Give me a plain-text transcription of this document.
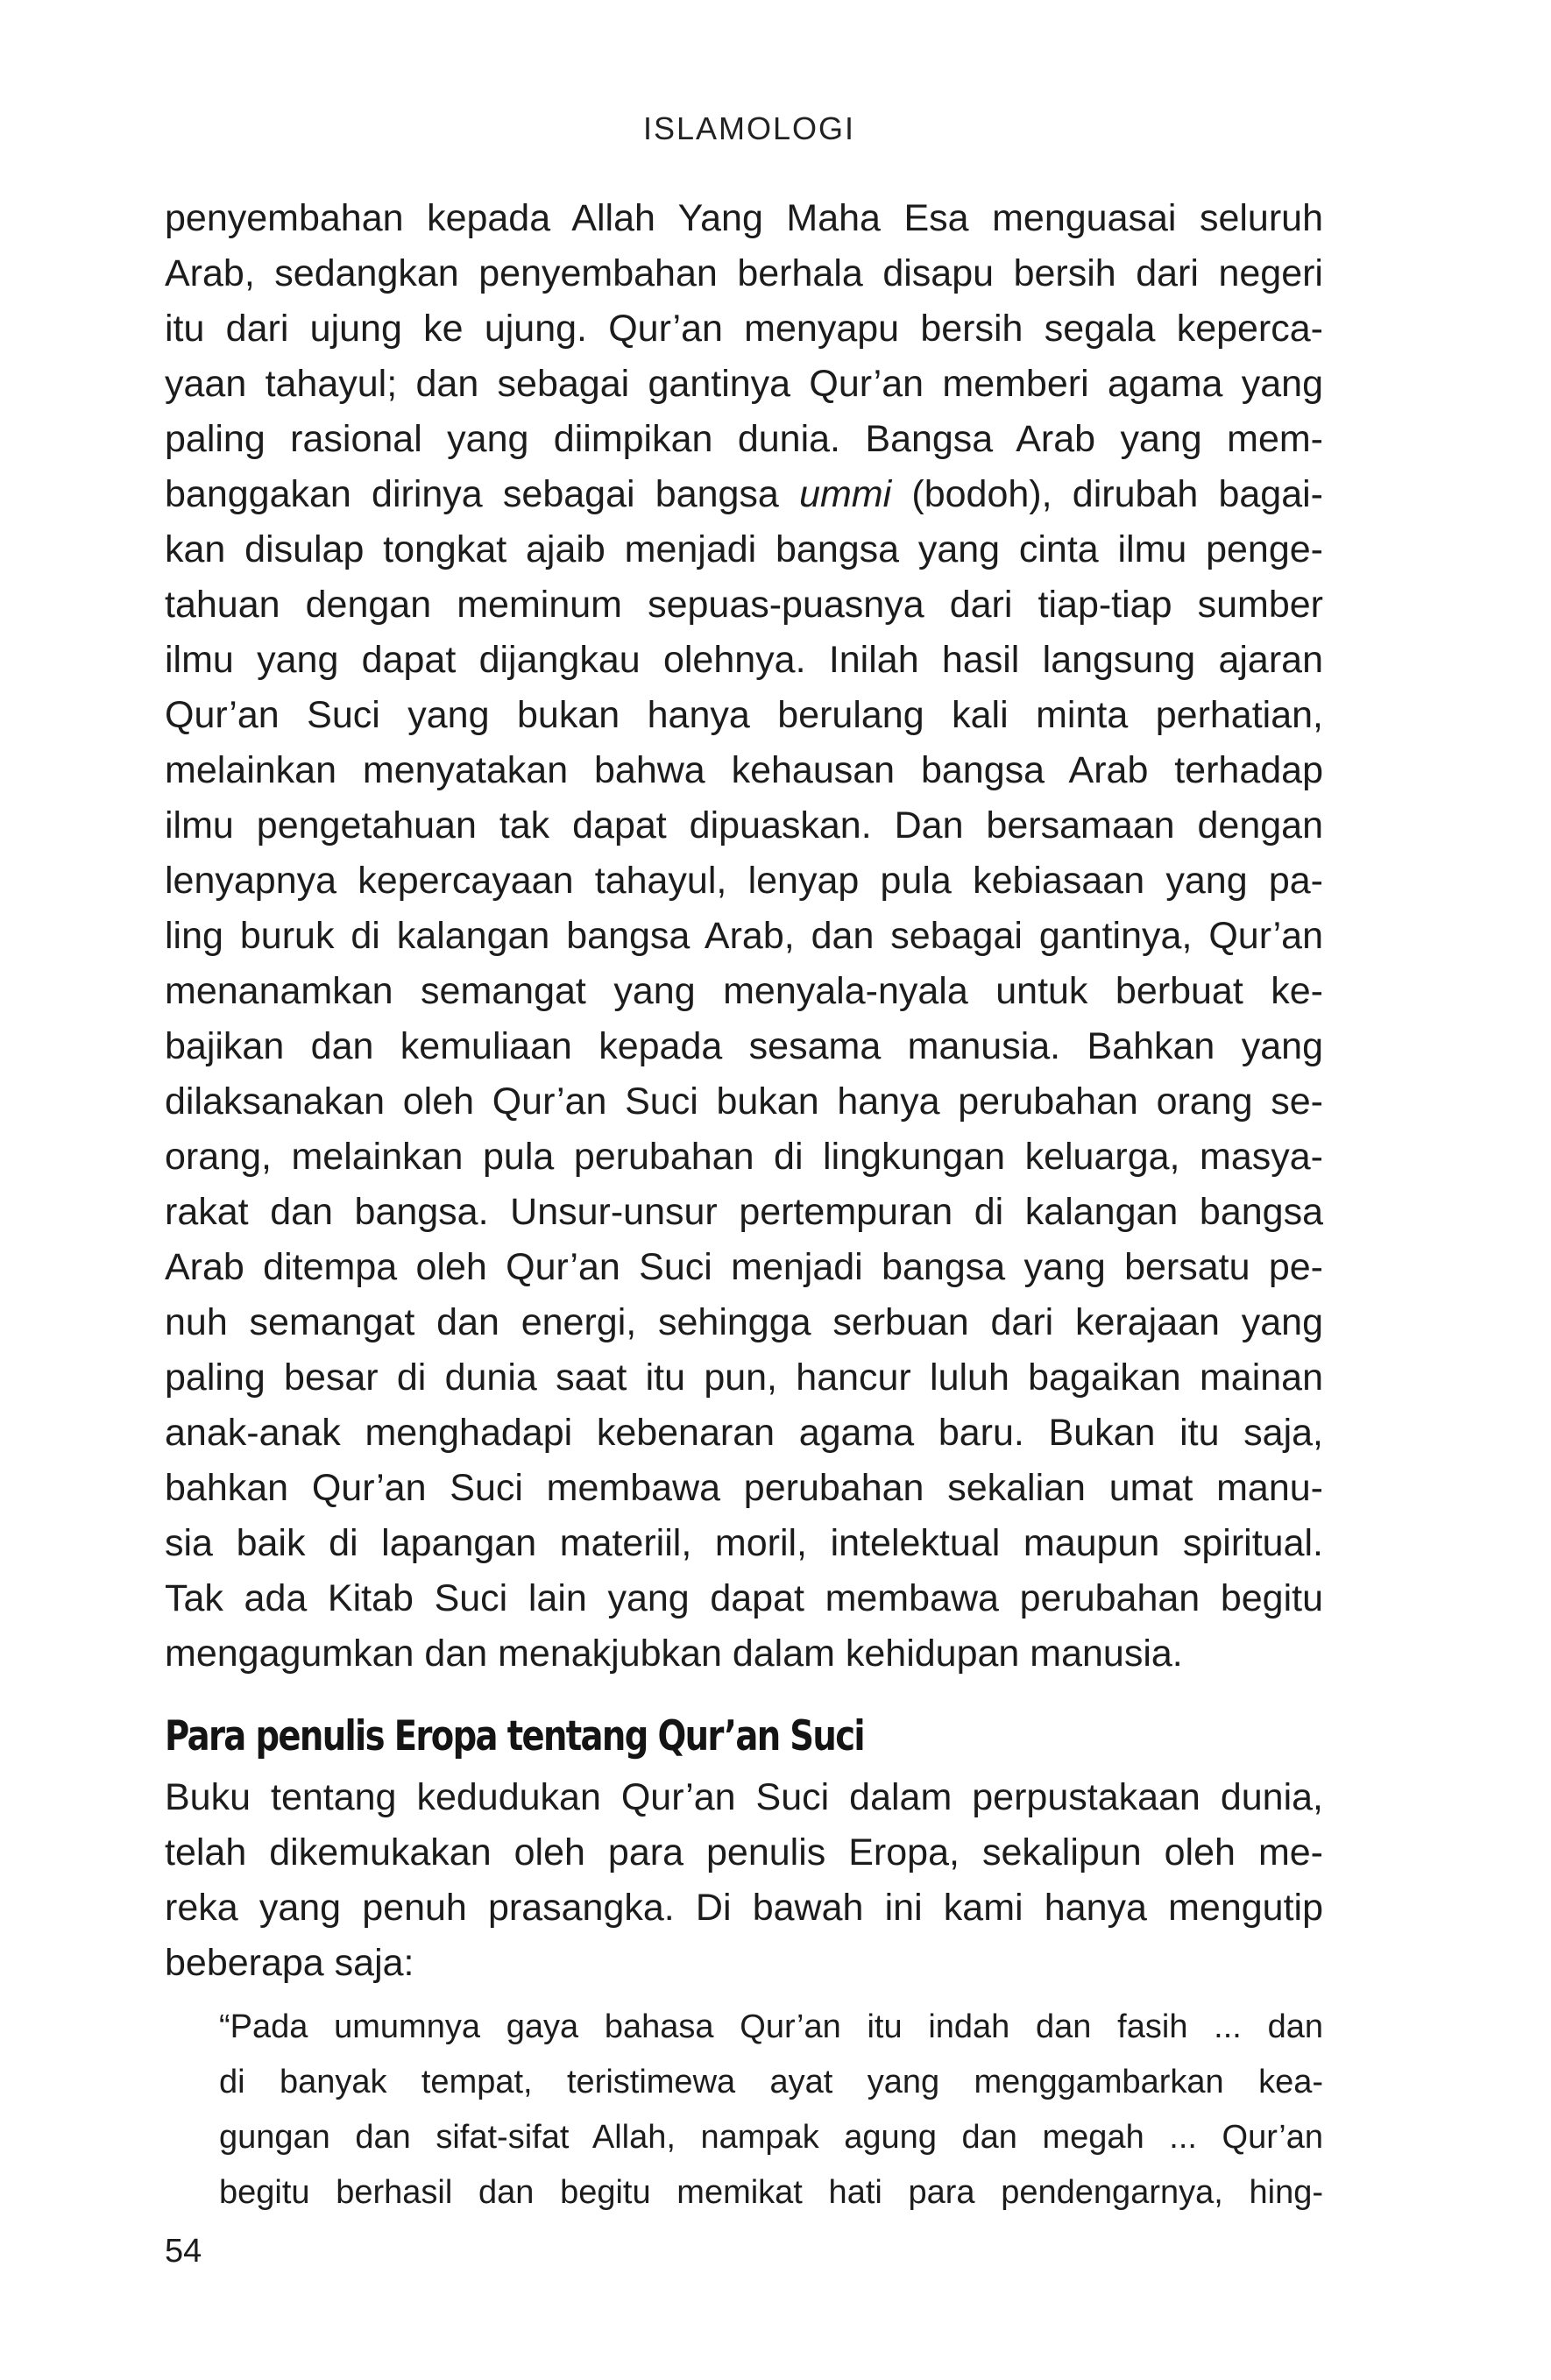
ISLAMOLOGI
penyembahan kepada Allah Yang Maha Esa menguasai seluruh
Arab, sedangkan penyembahan berhala disapu bersih dari negeri
itu dari ujung ke ujung. Qur’an menyapu bersih segala keperca-
yaan tahayul; dan sebagai gantinya Qur’an memberi agama yang
paling rasional yang diimpikan dunia. Bangsa Arab yang mem-
banggakan dirinya sebagai bangsa ummi (bodoh), dirubah bagai-
kan disulap tongkat ajaib menjadi bangsa yang cinta ilmu penge-
tahuan dengan meminum sepuas-puasnya dari tiap-tiap sumber
ilmu yang dapat dijangkau olehnya. Inilah hasil langsung ajaran
Qur’an Suci yang bukan hanya berulang kali minta perhatian,
melainkan menyatakan bahwa kehausan bangsa Arab terhadap
ilmu pengetahuan tak dapat dipuaskan. Dan bersamaan dengan
lenyapnya kepercayaan tahayul, lenyap pula kebiasaan yang pa-
ling buruk di kalangan bangsa Arab, dan sebagai gantinya, Qur’an
menanamkan semangat yang menyala-nyala untuk berbuat ke-
bajikan dan kemuliaan kepada sesama manusia. Bahkan yang
dilaksanakan oleh Qur’an Suci bukan hanya perubahan orang se-
orang, melainkan pula perubahan di lingkungan keluarga, masya-
rakat dan bangsa. Unsur-unsur pertempuran di kalangan bangsa
Arab ditempa oleh Qur’an Suci menjadi bangsa yang bersatu pe-
nuh semangat dan energi, sehingga serbuan dari kerajaan yang
paling besar di dunia saat itu pun, hancur luluh bagaikan mainan
anak-anak menghadapi kebenaran agama baru. Bukan itu saja,
bahkan Qur’an Suci membawa perubahan sekalian umat manu-
sia baik di lapangan materiil, moril, intelektual maupun spiritual.
Tak ada Kitab Suci lain yang dapat membawa perubahan begitu
mengagumkan dan menakjubkan dalam kehidupan manusia.
Para penulis Eropa tentang Qur’an Suci
Buku tentang kedudukan Qur’an Suci dalam perpustakaan dunia,
telah dikemukakan oleh para penulis Eropa, sekalipun oleh me-
reka yang penuh prasangka. Di bawah ini kami hanya mengutip
beberapa saja:
“Pada umumnya gaya bahasa Qur’an itu indah dan fasih ... dan
di banyak tempat, teristimewa ayat yang menggambarkan kea-
gungan dan sifat-sifat Allah, nampak agung dan megah ... Qur’an
begitu berhasil dan begitu memikat hati para pendengarnya, hing-
54
